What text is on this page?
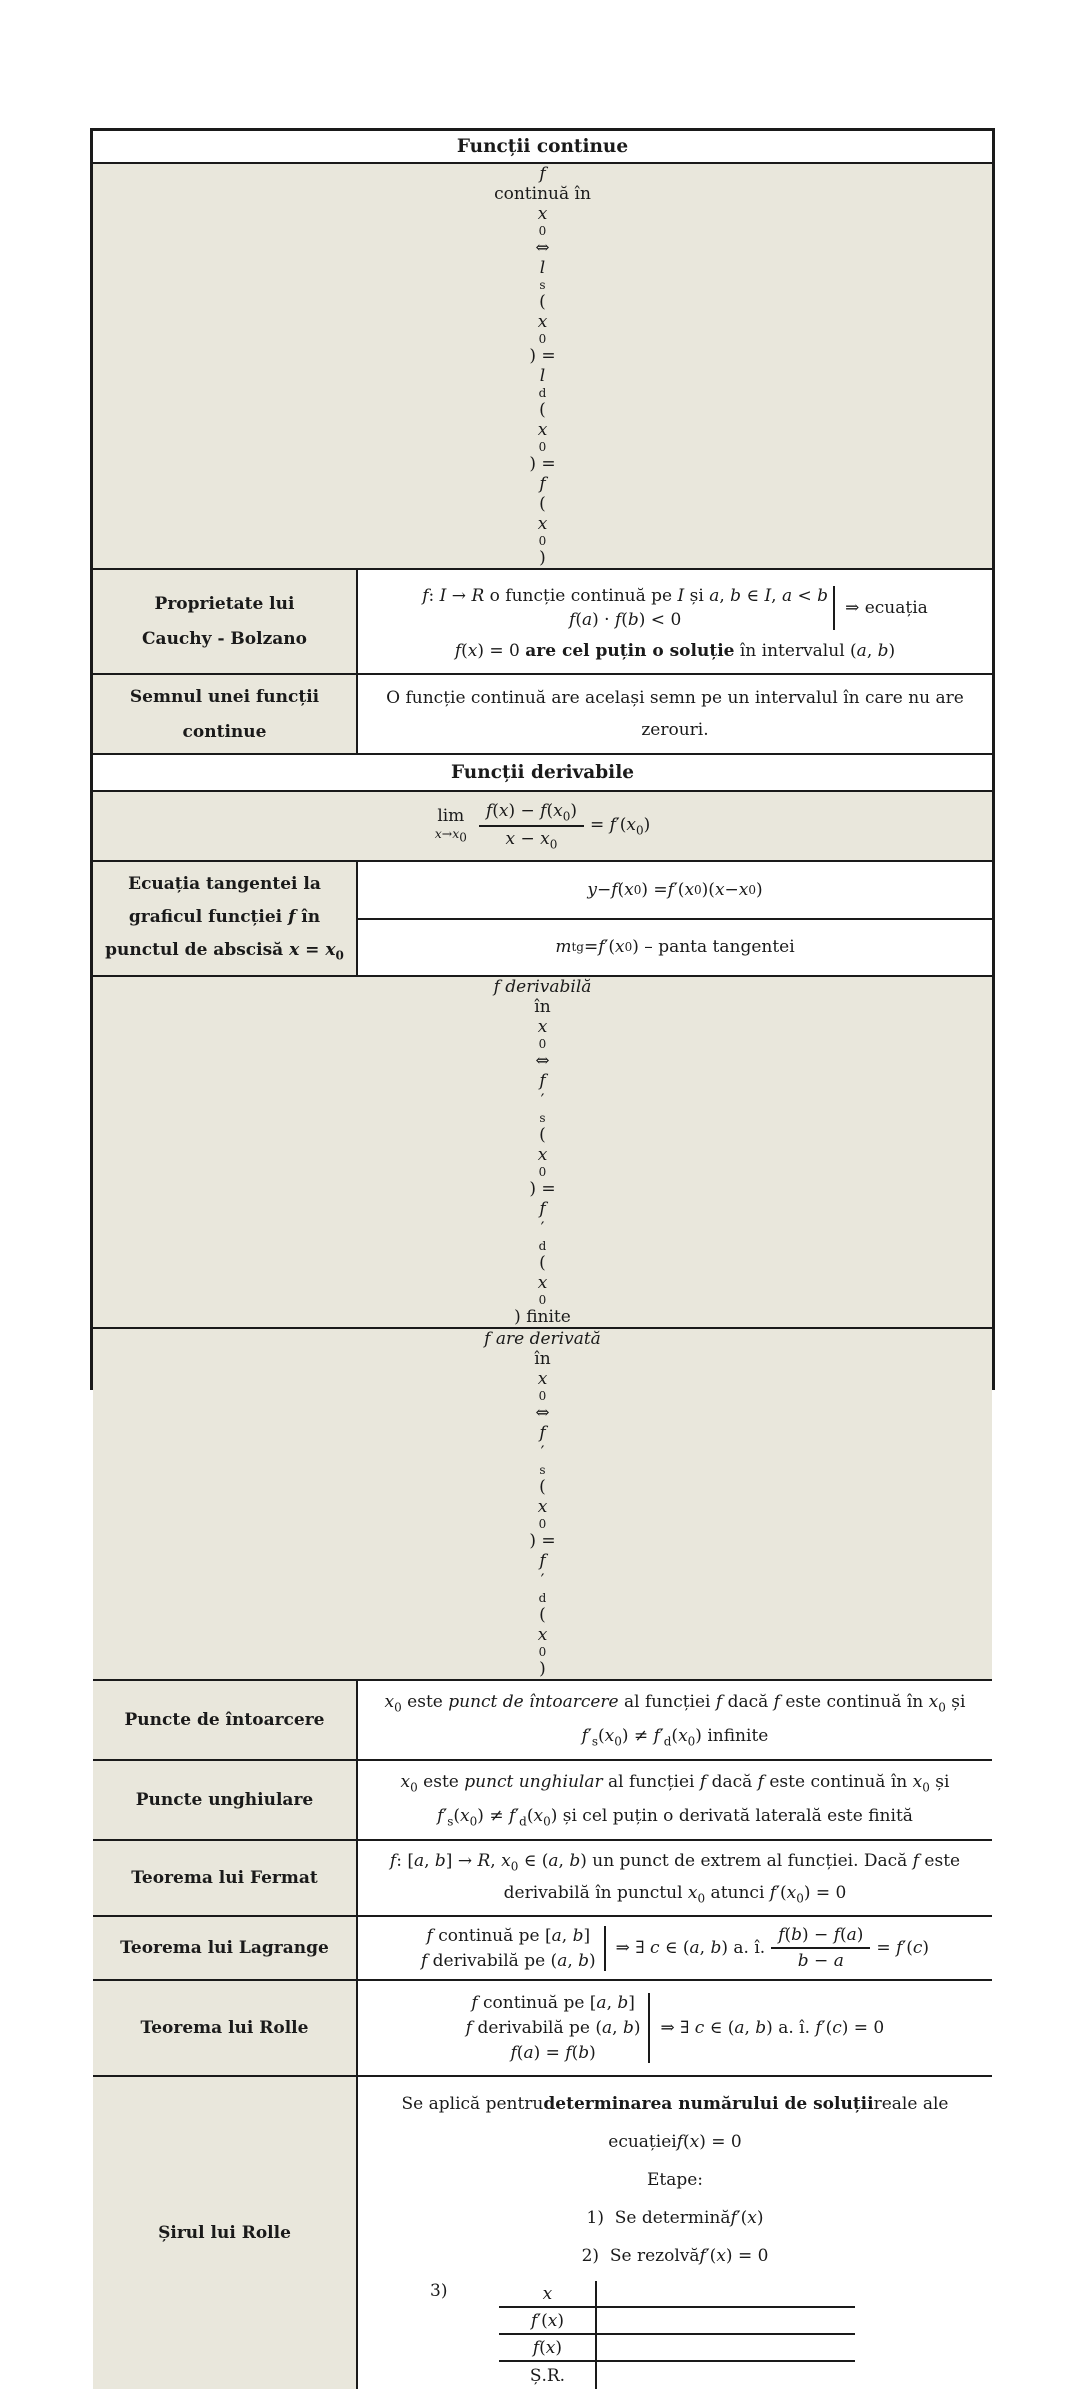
Funcții continue
f
continuă în
x
0
⇔
l
s
(
x
0
) =
l
d
(
x
0
) =
f
(
x
0
)
Proprietate lui
Cauchy - Bolzano
f: I → R o funcție continuă pe I și a, b ∈ I, a < b
f(a) · f(b) < 0
⇒ ecuația
f(x) = 0 are cel puțin o soluție în intervalul (a, b)
Semnul unei funcții
continue
O funcție continuă are același semn pe un intervalul în care nu are
zerouri.
Funcții derivabile
lim
$x\to x_0 \frac{f(x) - f(x_0)}{x - x_0} = f'(x_0)$
Ecuația tangentei la
graficul funcției f în
punctul de abscisă $x = x_0$
y − f ( x 0 ) = f ′( x 0 )( x − x 0 )
m tg = f ′( x 0 ) – panta tangentei
f derivabilă
în
x
0
⇔
f
′
s
(
x
0
) =
f
′
d
(
x
0
) finite
f are derivată
în
x
0
⇔
f
′
s
(
x
0
) =
f
′
d
(
x
0
)
Puncte de întoarcere
$x_0$ este punct de întoarcere al funcției f dacă f este continuă în $x_0$ și
$f'_s(x_0) \ne f'_d(x_0)$ infinite
Puncte unghiulare
$x_0$ este punct unghiular al funcției f dacă f este continuă în $x_0$ și
$f'_s(x_0) \ne f'_d(x_0)$ și cel puțin o derivată laterală este finită
Teorema lui Fermat
f: [a, b] → R, $x_0$ ∈ (a, b) un punct de extrem al funcției. Dacă f este
derivabilă în punctul $x_0$ atunci $f'(x_0) = 0$
Teorema lui Lagrange
f continuă pe [a, b]
f derivabilă pe (a, b)
⇒ ∃ c ∈ (a, b) a. î. $\frac{f(b) - f(a)}{b - a} = f'(c)$
Teorema lui Rolle
f continuă pe [a, b]
f derivabilă pe (a, b)
f(a) = f(b)
⇒ ∃ c ∈ (a, b) a. î. f′(c) = 0
Șirul lui Rolle
Se aplică pentru determinarea numărului de soluții reale ale
ecuației f ( x ) = 0
Etape:
1)  Se determină f ′( x )
2)  Se rezolvă f ′( x ) = 0
3)	x
f ′( x )
f ( x )
Ș.R.
